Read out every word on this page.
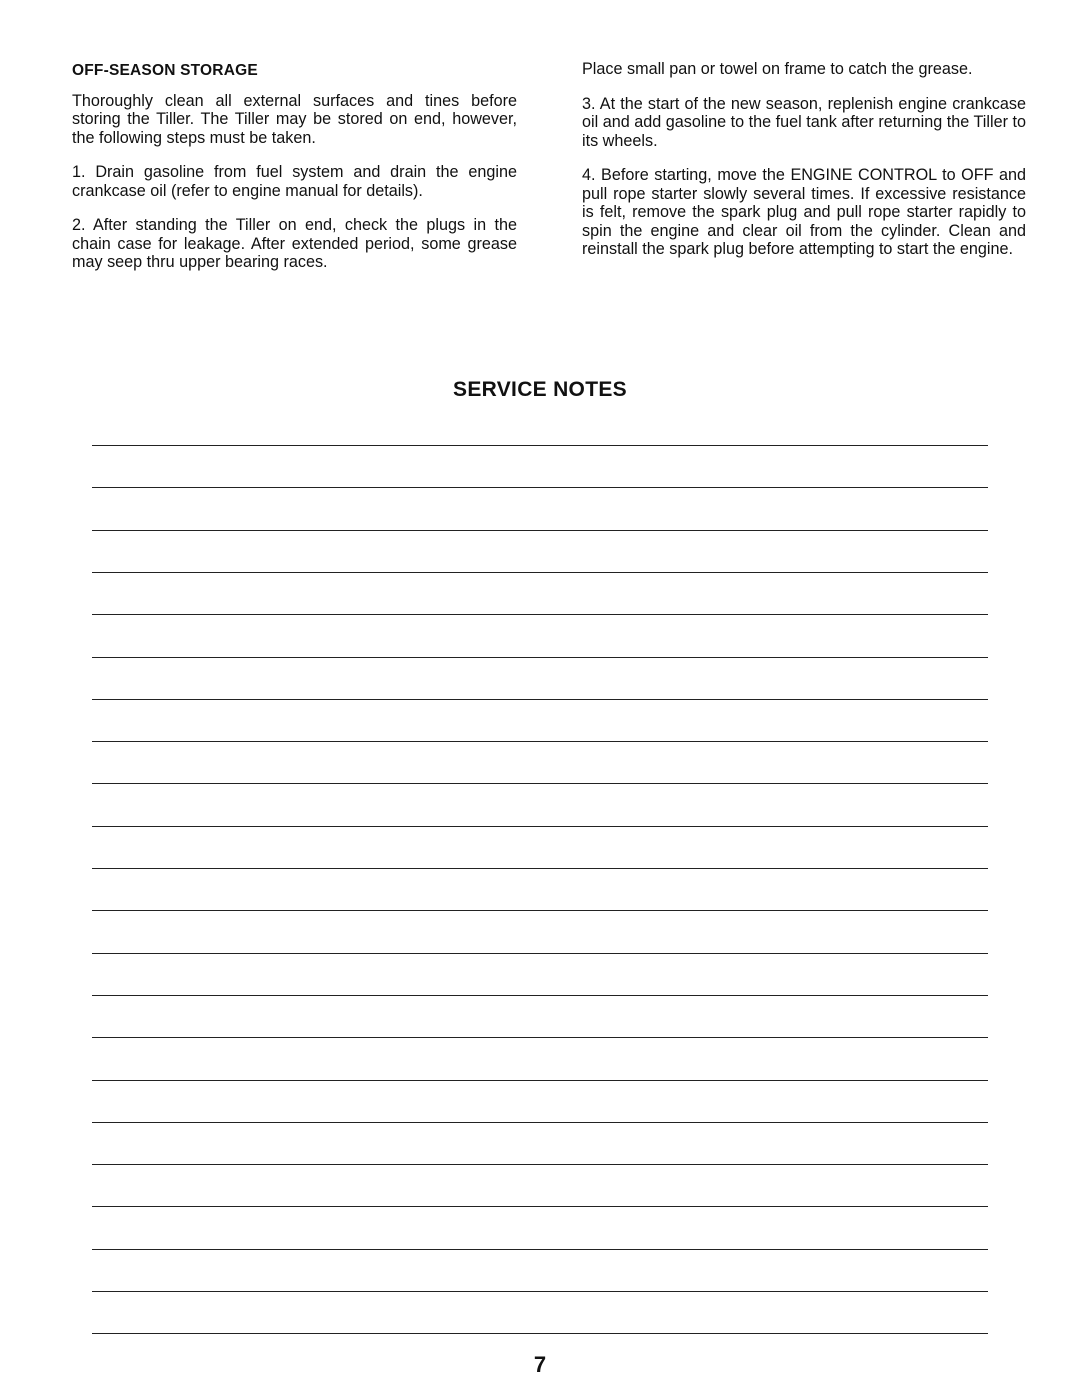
OFF-SEASON STORAGE

Thoroughly clean all external surfaces and tines before storing the Tiller. The Tiller may be stored on end, however, the following steps must be taken.

1. Drain gasoline from fuel system and drain the engine crankcase oil (refer to engine manual for details).

2. After standing the Tiller on end, check the plugs in the chain case for leakage. After extended period, some grease may seep thru upper bearing races.

Place small pan or towel on frame to catch the grease.

3. At the start of the new season, replenish engine crankcase oil and add gasoline to the fuel tank after returning the Tiller to its wheels.

4. Before starting, move the ENGINE CONTROL to OFF and pull rope starter slowly several times. If excessive resistance is felt, remove the spark plug and pull rope starter rapidly to spin the engine and clear oil from the cylinder. Clean and reinstall the spark plug before attempting to start the engine.

SERVICE NOTES
7
